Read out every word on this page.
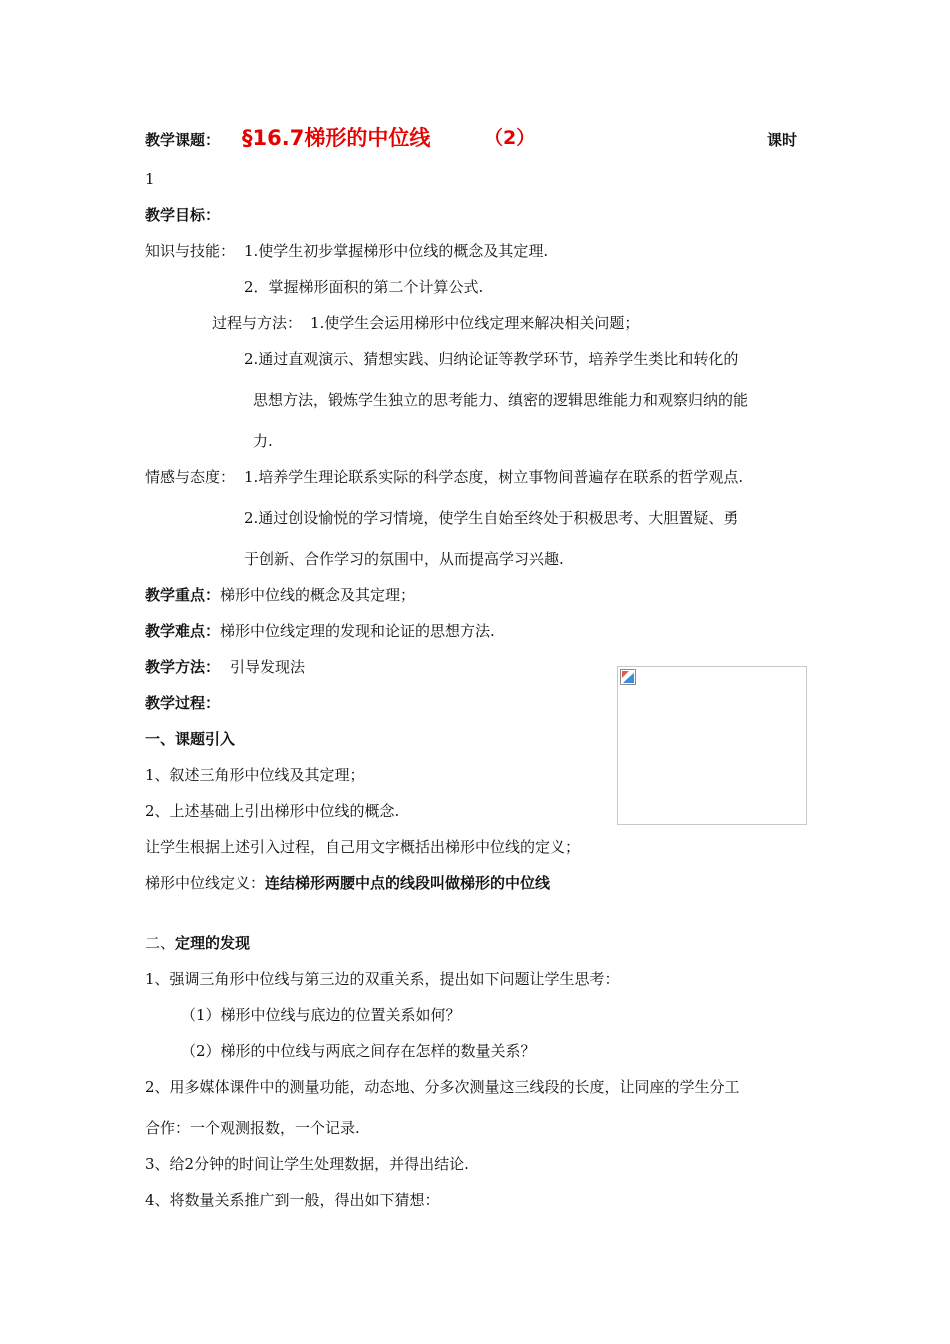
教学课题： §16.7梯形的中位线	（2）	课时
1
教学目标：
知识与技能： 1.使学生初步掌握梯形中位线的概念及其定理.
2．掌握梯形面积的第二个计算公式.
过程与方法： 1.使学生会运用梯形中位线定理来解决相关问题；
2.通过直观演示、猜想实践、归纳论证等教学环节，培养学生类比和转化的
思想方法，锻炼学生独立的思考能力、缜密的逻辑思维能力和观察归纳的能
力.
情感与态度： 1.培养学生理论联系实际的科学态度，树立事物间普遍存在联系的哲学观点.
2.通过创设愉悦的学习情境，使学生自始至终处于积极思考、大胆置疑、勇
于创新、合作学习的氛围中，从而提高学习兴趣.
教学重点：梯形中位线的概念及其定理；
教学难点：梯形中位线定理的发现和论证的思想方法.
教学方法： 引导发现法
教学过程：
一、课题引入
1、叙述三角形中位线及其定理；
2、上述基础上引出梯形中位线的概念.
让学生根据上述引入过程，自己用文字概括出梯形中位线的定义；
梯形中位线定义：连结梯形两腰中点的线段叫做梯形的中位线
二、定理的发现
1、强调三角形中位线与第三边的双重关系，提出如下问题让学生思考：
（1）梯形中位线与底边的位置关系如何？
（2）梯形的中位线与两底之间存在怎样的数量关系？
2、用多媒体课件中的测量功能，动态地、分多次测量这三线段的长度，让同座的学生分工
合作：一个观测报数，一个记录.
3、给2分钟的时间让学生处理数据，并得出结论.
4、将数量关系推广到一般，得出如下猜想：
